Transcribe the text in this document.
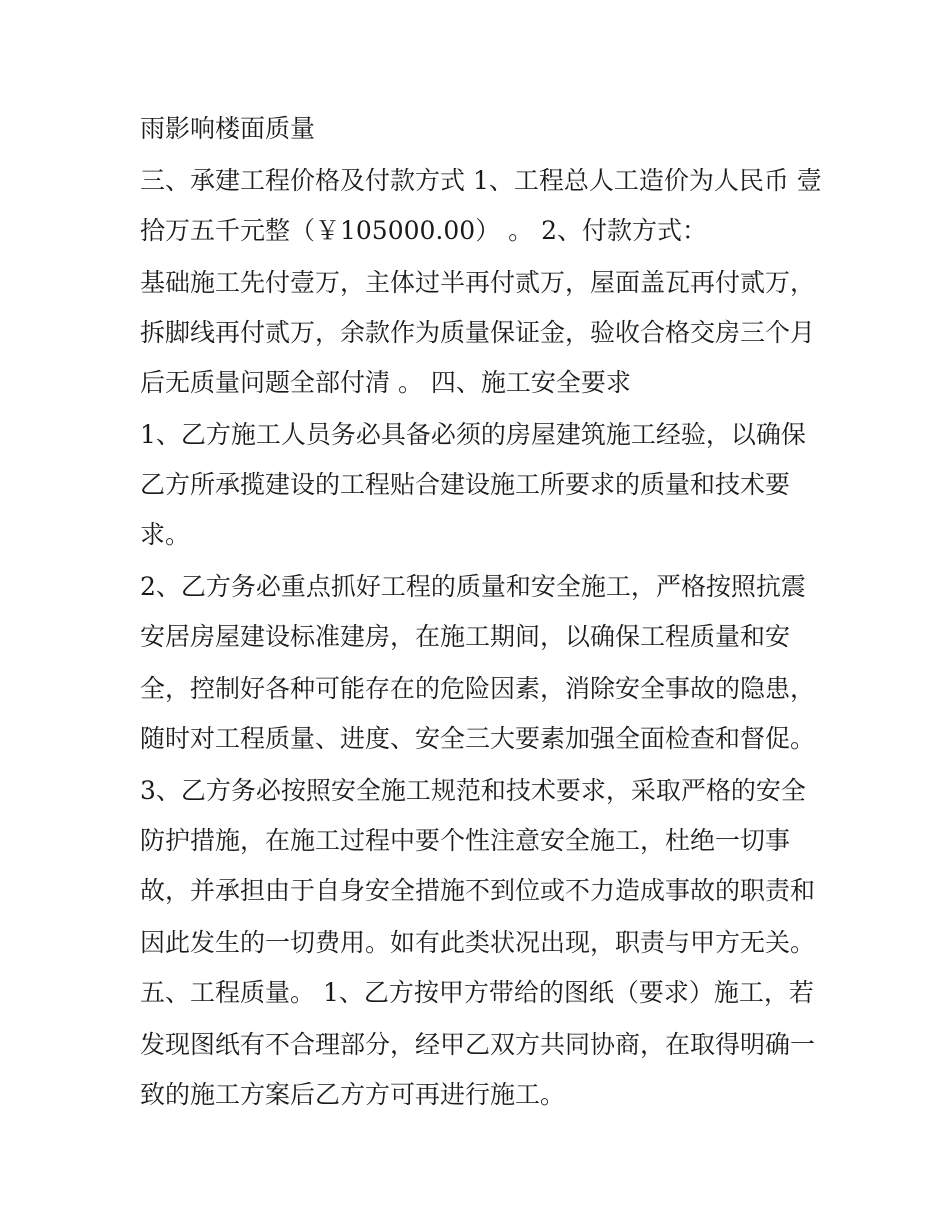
雨影响楼面质量
三、承建工程价格及付款方式 1、工程总人工造价为人民币 壹
拾万五千元整（￥105000.00） 。 2、付款方式：
基础施工先付壹万，主体过半再付贰万，屋面盖瓦再付贰万，
拆脚线再付贰万，余款作为质量保证金，验收合格交房三个月
后无质量问题全部付清 。 四、施工安全要求
1、乙方施工人员务必具备必须的房屋建筑施工经验，以确保
乙方所承揽建设的工程贴合建设施工所要求的质量和技术要
求。
2、乙方务必重点抓好工程的质量和安全施工，严格按照抗震
安居房屋建设标准建房，在施工期间，以确保工程质量和安
全，控制好各种可能存在的危险因素，消除安全事故的隐患，
随时对工程质量、进度、安全三大要素加强全面检查和督促。
3、乙方务必按照安全施工规范和技术要求，采取严格的安全
防护措施，在施工过程中要个性注意安全施工，杜绝一切事
故，并承担由于自身安全措施不到位或不力造成事故的职责和
因此发生的一切费用。如有此类状况出现，职责与甲方无关。
五、工程质量。 1、乙方按甲方带给的图纸（要求）施工，若
发现图纸有不合理部分，经甲乙双方共同协商，在取得明确一
致的施工方案后乙方方可再进行施工。
